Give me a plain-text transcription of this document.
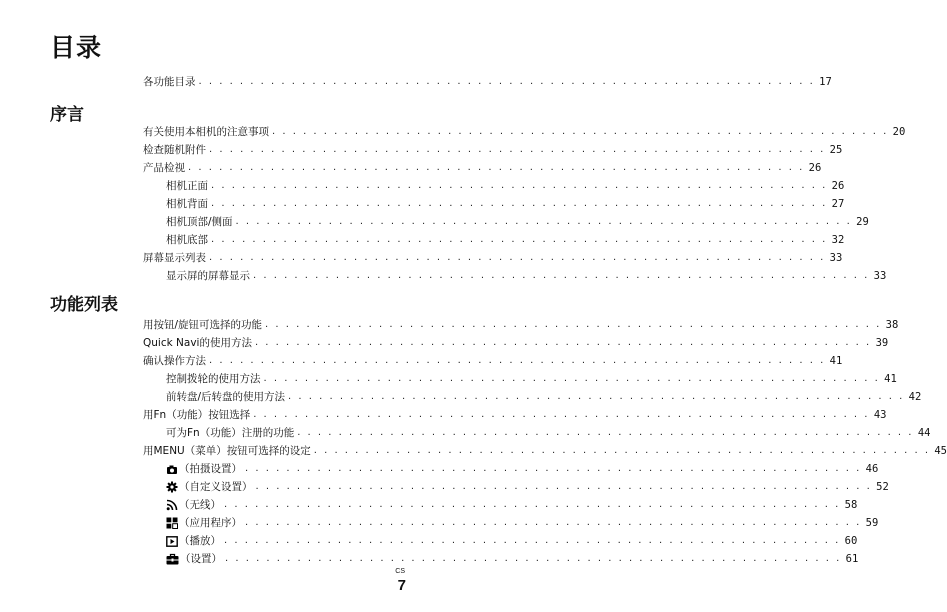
目录
序言
功能列表
各功能目录 . . . . . . . . . . . . . . . . . . . . . . . . . . . . . . . . . . . . . . . . . . . . . . . . . . . . . . . . . . . . 17
有关使用本相机的注意事项 . . . . . . . . . . . . . . . . . . . . . . . . . . . . . . . . . . . . . . . . . . . . . . . . . . . . . . . . . . . . 20
检查随机附件 . . . . . . . . . . . . . . . . . . . . . . . . . . . . . . . . . . . . . . . . . . . . . . . . . . . . . . . . . . . . 25
产品检视 . . . . . . . . . . . . . . . . . . . . . . . . . . . . . . . . . . . . . . . . . . . . . . . . . . . . . . . . . . . . 26
相机正面 . . . . . . . . . . . . . . . . . . . . . . . . . . . . . . . . . . . . . . . . . . . . . . . . . . . . . . . . . . . . 26
相机背面 . . . . . . . . . . . . . . . . . . . . . . . . . . . . . . . . . . . . . . . . . . . . . . . . . . . . . . . . . . . . 27
相机顶部/侧面 . . . . . . . . . . . . . . . . . . . . . . . . . . . . . . . . . . . . . . . . . . . . . . . . . . . . . . . . . . . . 29
相机底部 . . . . . . . . . . . . . . . . . . . . . . . . . . . . . . . . . . . . . . . . . . . . . . . . . . . . . . . . . . . . 32
屏幕显示列表 . . . . . . . . . . . . . . . . . . . . . . . . . . . . . . . . . . . . . . . . . . . . . . . . . . . . . . . . . . . . 33
显示屏的屏幕显示 . . . . . . . . . . . . . . . . . . . . . . . . . . . . . . . . . . . . . . . . . . . . . . . . . . . . . . . . . . . . 33
用按钮/旋钮可选择的功能 . . . . . . . . . . . . . . . . . . . . . . . . . . . . . . . . . . . . . . . . . . . . . . . . . . . . . . . . . . . . 38
Quick Navi的使用方法 . . . . . . . . . . . . . . . . . . . . . . . . . . . . . . . . . . . . . . . . . . . . . . . . . . . . . . . . . . . . 39
确认操作方法 . . . . . . . . . . . . . . . . . . . . . . . . . . . . . . . . . . . . . . . . . . . . . . . . . . . . . . . . . . . . 41
控制拨轮的使用方法 . . . . . . . . . . . . . . . . . . . . . . . . . . . . . . . . . . . . . . . . . . . . . . . . . . . . . . . . . . . . 41
前转盘/后转盘的使用方法 . . . . . . . . . . . . . . . . . . . . . . . . . . . . . . . . . . . . . . . . . . . . . . . . . . . . . . . . . . . . 42
用Fn（功能）按钮选择 . . . . . . . . . . . . . . . . . . . . . . . . . . . . . . . . . . . . . . . . . . . . . . . . . . . . . . . . . . . . 43
可为Fn（功能）注册的功能 . . . . . . . . . . . . . . . . . . . . . . . . . . . . . . . . . . . . . . . . . . . . . . . . . . . . . . . . . . . . 44
用MENU（菜单）按钮可选择的设定 . . . . . . . . . . . . . . . . . . . . . . . . . . . . . . . . . . . . . . . . . . . . . . . . . . . . . . . . . . . . 45
（拍摄设置） . . . . . . . . . . . . . . . . . . . . . . . . . . . . . . . . . . . . . . . . . . . . . . . . . . . . . . . . . . . . 46
（自定义设置） . . . . . . . . . . . . . . . . . . . . . . . . . . . . . . . . . . . . . . . . . . . . . . . . . . . . . . . . . . . . 52
（无线） . . . . . . . . . . . . . . . . . . . . . . . . . . . . . . . . . . . . . . . . . . . . . . . . . . . . . . . . . . . . 58
（应用程序） . . . . . . . . . . . . . . . . . . . . . . . . . . . . . . . . . . . . . . . . . . . . . . . . . . . . . . . . . . . . 59
（播放） . . . . . . . . . . . . . . . . . . . . . . . . . . . . . . . . . . . . . . . . . . . . . . . . . . . . . . . . . . . . 60
（设置） . . . . . . . . . . . . . . . . . . . . . . . . . . . . . . . . . . . . . . . . . . . . . . . . . . . . . . . . . . . . 61
CS
7
